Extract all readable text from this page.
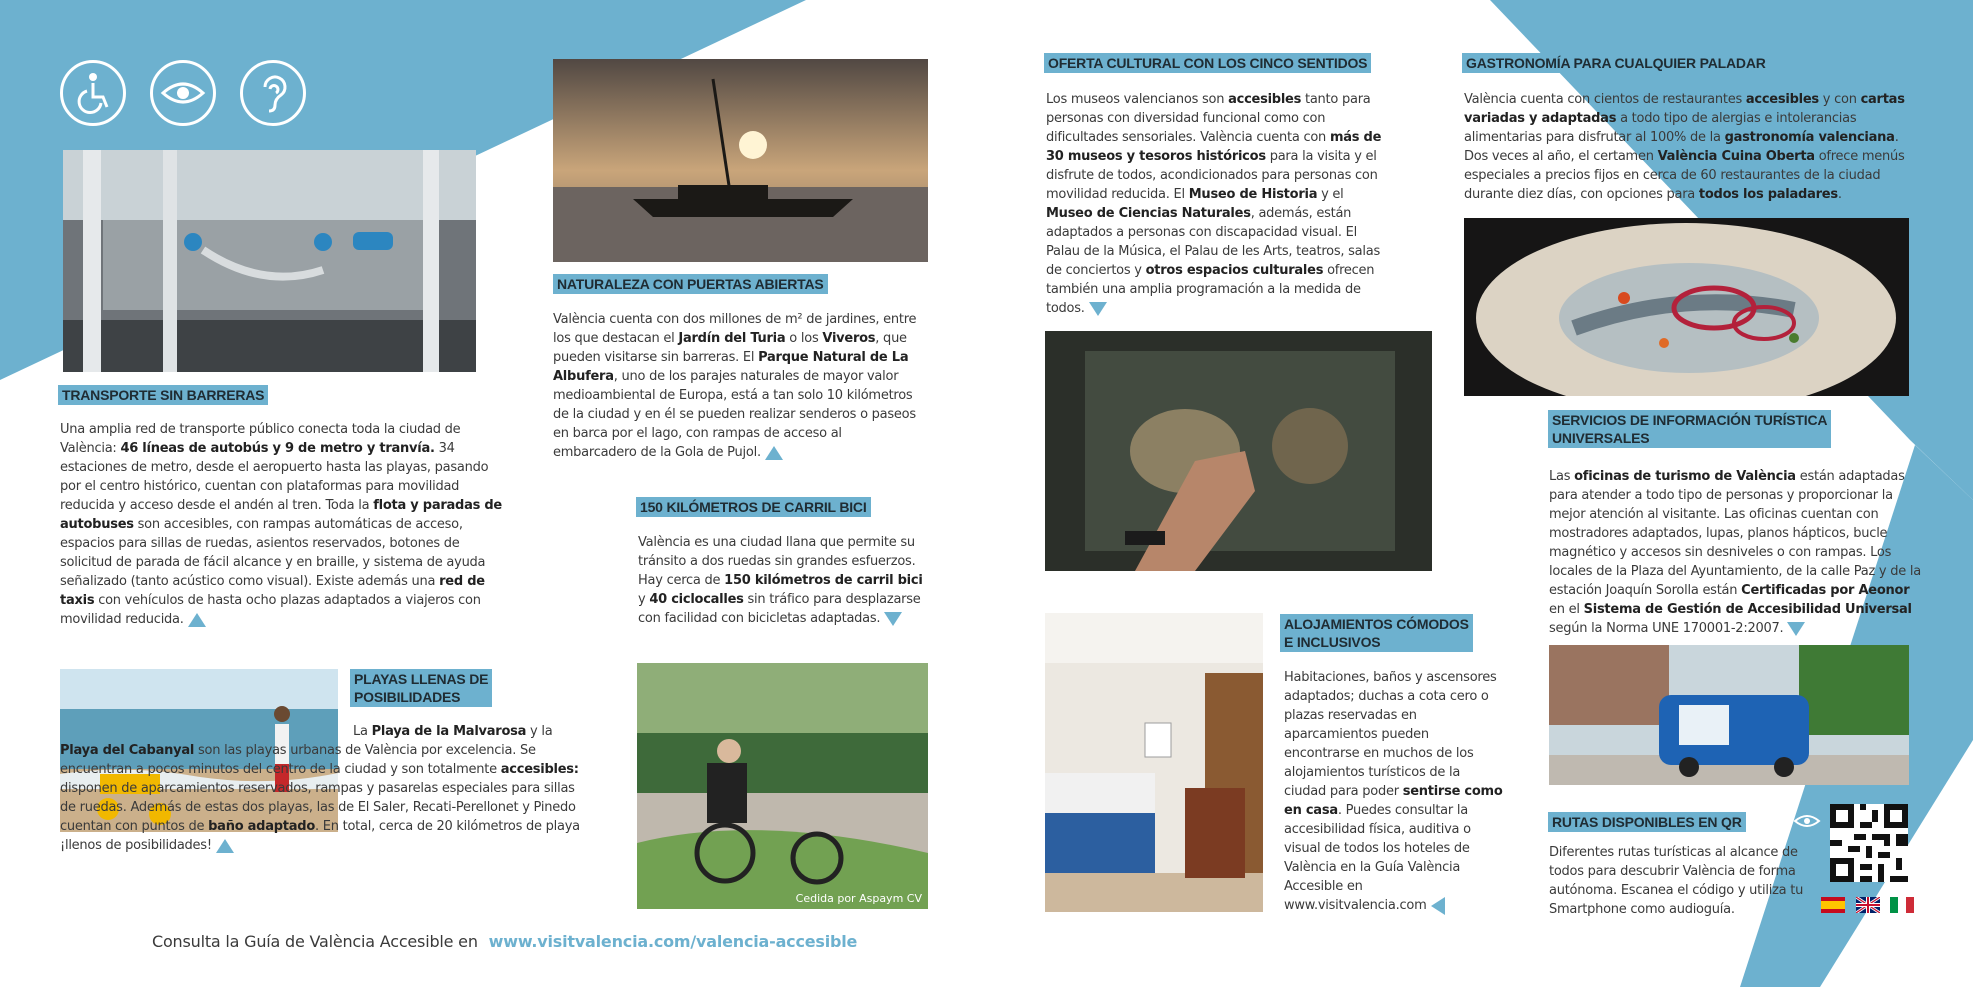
TRANSPORTE SIN BARRERAS

Una amplia red de transporte público conecta toda la ciudad de València: 46 líneas de autobús y 9 de metro y tranvía. 34 estaciones de metro, desde el aeropuerto hasta las playas, pasando por el centro histórico, cuentan con plataformas para movilidad reducida y acceso desde el andén al tren. Toda la flota y paradas de autobuses son accesibles, con rampas automáticas de acceso, espacios para sillas de ruedas, asientos reservados, botones de solicitud de parada de fácil alcance y en braille, y sistema de ayuda señalizado (tanto acústico como visual). Existe además una red de taxis con vehículos de hasta ocho plazas adaptados a viajeros con movilidad reducida.

PLAYAS LLENAS DE
POSIBILIDADES

La Playa de la Malvarosa y la Playa del Cabanyal son las playas urbanas de València por excelencia. Se encuentran a pocos minutos del centro de la ciudad y son totalmente accesibles: disponen de aparcamientos reservados, rampas y pasarelas especiales para sillas de ruedas. Además de estas dos playas, las de El Saler, Recati-Perellonet y Pinedo cuentan con puntos de baño adaptado. En total, cerca de 20 kilómetros de playa ¡llenos de posibilidades!

NATURALEZA CON PUERTAS ABIERTAS

València cuenta con dos millones de m² de jardines, entre los que destacan el Jardín del Turia o los Viveros, que pueden visitarse sin barreras. El Parque Natural de La Albufera, uno de los parajes naturales de mayor valor medioambiental de Europa, está a tan solo 10 kilómetros de la ciudad y en él se pueden realizar senderos o paseos en barca por el lago, con rampas de acceso al embarcadero de la Gola de Pujol.

150 KILÓMETROS DE CARRIL BICI

València es una ciudad llana que permite su tránsito a dos ruedas sin grandes esfuerzos. Hay cerca de 150 kilómetros de carril bici y 40 ciclocalles sin tráfico para desplazarse con facilidad con bicicletas adaptadas.

Cedida por Aspaym CV
OFERTA CULTURAL CON LOS CINCO SENTIDOS

Los museos valencianos son accesibles tanto para personas con diversidad funcional como con dificultades sensoriales. València cuenta con más de 30 museos y tesoros históricos para la visita y el disfrute de todos, acondicionados para personas con movilidad reducida. El Museo de Historia y el Museo de Ciencias Naturales, además, están adaptados a personas con discapacidad visual. El Palau de la Música, el Palau de les Arts, teatros, salas de conciertos y otros espacios culturales ofrecen también una amplia programación a la medida de todos.

ALOJAMIENTOS CÓMODOS
E INCLUSIVOS

Habitaciones, baños y ascensores adaptados; duchas a cota cero o plazas reservadas en aparcamientos pueden encontrarse en muchos de los alojamientos turísticos de la ciudad para poder sentirse como en casa. Puedes consultar la accesibilidad física, auditiva o visual de todos los hoteles de València en la Guía València Accesible en www.visitvalencia.com

GASTRONOMÍA PARA CUALQUIER PALADAR

València cuenta con cientos de restaurantes accesibles y con cartas variadas y adaptadas a todo tipo de alergias e intolerancias alimentarias para disfrutar al 100% de la gastronomía valenciana. Dos veces al año, el certamen València Cuina Oberta ofrece menús especiales a precios fijos en cerca de 60 restaurantes de la ciudad durante diez días, con opciones para todos los paladares.

SERVICIOS DE INFORMACIÓN TURÍSTICA
UNIVERSALES

Las oficinas de turismo de València están adaptadas para atender a todo tipo de personas y proporcionar la mejor atención al visitante. Las oficinas cuentan con mostradores adaptados, lupas, planos hápticos, bucle magnético y accesos sin desniveles o con rampas. Los locales de la Plaza del Ayuntamiento, de la calle Paz y de la estación Joaquín Sorolla están Certificadas por Aeonor en el Sistema de Gestión de Accesibilidad Universal según la Norma UNE 170001-2:2007.

RUTAS DISPONIBLES EN QR
Diferentes rutas turísticas al alcance de todos para descubrir València de forma autónoma. Escanea el código y utiliza tu Smartphone como audioguía.
Consulta la Guía de València Accesible en www.visitvalencia.com/valencia-accesible
